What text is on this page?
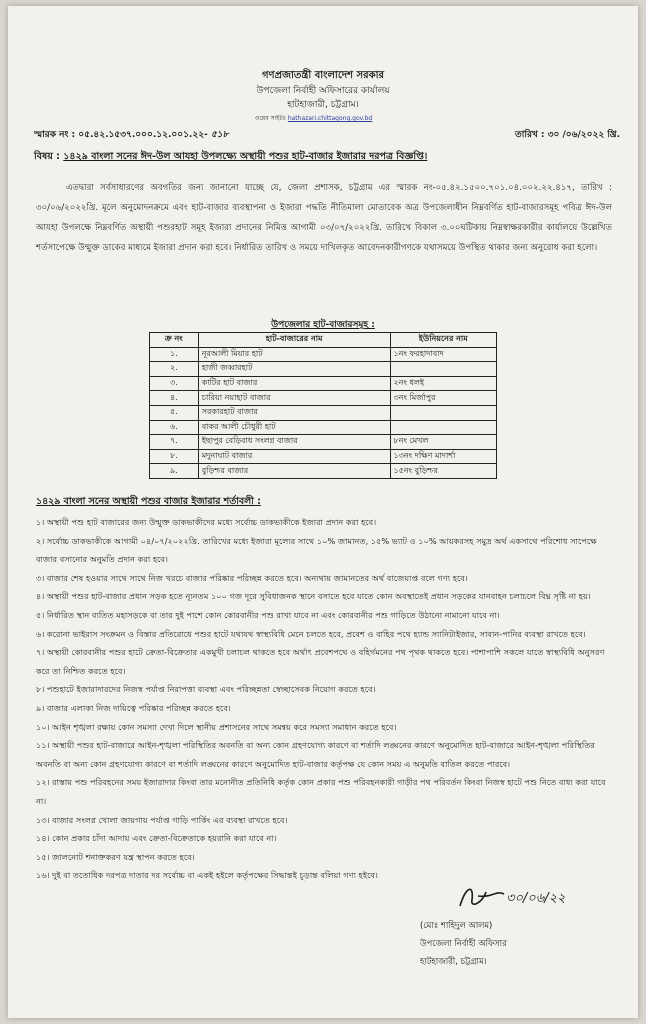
গণপ্রজাতন্ত্রী বাংলাদেশ সরকার
উপজেলা নির্বাহী অফিসারের কার্যালয়
হাটহাজারী, চট্টগ্রাম।
ওয়েব সাইটঃ hathazari.chittagong.gov.bd
স্মারক নং : ০৫.৪২.১৫৩৭.০০০.১২.০০১.২২- ৫১৮	তারিখ : ৩০ /০৬/২০২২ খ্রি.
বিষয় : ১৪২৯ বাংলা সনের ঈদ-উল আযহা উপলক্ষ্যে অস্থায়ী পশুর হাট-বাজার ইজারার দরপত্র বিজ্ঞপ্তি।
এতদ্বারা সর্বসাধারণের অবগতির জন্য জানানো যাচ্ছে যে, জেলা প্রশাসক, চট্টগ্রাম এর স্মারক নং-০৫.৪২.১৫০০.৭০১.০৪.০০২.২২.৪১৭, তারিখ : ৩০/০৬/২০২২খ্রি. মূলে অনুমোদনক্রমে এবং হাট-বাজার ব্যবস্থাপনা ও ইজারা পদ্ধতি নীতিমালা মোতাবেক অত্র উপজেলাধীন নিম্নবর্ণিত হাট-বাজারসমূহ পবিত্র ঈদ-উল আযহা উপলক্ষে নিম্নবর্ণিত অস্থায়ী পশুরহাট সমূহ ইজারা প্রদানের নিমিত্ত আগামী ০৩/০৭/২০২২খ্রি. তারিখে বিকাল ৩.০০ঘটিকায় নিম্নস্বাক্ষরকারীর কার্যালয়ে উল্লেখিত শর্তসাপেক্ষে উন্মুক্ত ডাকের মাধ্যমে ইজারা প্রদান করা হবে। নির্ধারিত তারিখ ও সময়ে দাখিলকৃত আবেদনকারীগণকে যথাসময়ে উপস্থিত থাকার জন্য অনুরোধ করা হলো।
উপজেলার হাট-বাজারসমূহ :
ক্র নং	হাট-বাজারের নাম	ইউনিয়নের নাম
১.	নূরআলী মিয়ার হাট	১নং ফরহাদাবাদ
২.	হাজী জব্বারহাট	
৩.	কাটির হাট বাজার	২নং ধলই
৪.	চারিয়া নয়াহাট বাজার	৩নং মির্জাপুর
৫.	সরকারহাট বাজার	
৬.	বাকর আলী চৌধুরী হাট	
৭.	ইছাপুর বেড়িবাধ সংলগ্ন বাজার	৮নং মেখল
৮.	মদুনাঘাট বাজার	১৩নং দক্ষিণ মাদার্শা
৯.	বুড়িশ্চর বাজার	১৫নং বুড়িশ্চর
১৪২৯ বাংলা সনের অস্থায়ী পশুর বাজার ইজারার শর্তাবলী :
১। অস্থায়ী পশু হাট বাজারের জন্য উন্মুক্ত ডাকভাকীদের মধ্যে সর্বোচ্চ ডাকভাকীকে ইজারা প্রদান করা হবে।
২। সর্বোচ্চ ডাকভাকীকে আগামী ০৪/০৭/২০২২খ্রি. তারিখের মধ্যে ইজারা মূল্যের সাথে ১০% জামানত, ১৫% ভ্যাট ও ১০% আয়করসহ সমুদ্র অর্থ একসাথে পরিশোধ সাপেক্ষে বাজার বসানোর অনুমতি প্রদান করা হবে।
৩। বাজার শেষ হওয়ার সাথে সাথে নিজ খরচে বাজার পরিষ্কার পরিচ্ছন্ন করতে হবে। অন্যথায় জামানতের অর্থ বাজেয়াপ্ত বলে গণ্য হবে।
৪। অস্থায়ী পশুর হাট-বাজার প্রধান সড়ক হতে ন্যূনতম ১০০ গজ দূরে সুবিধাজনক স্থানে বসাতে হবে যাতে কোন অবস্থাতেই প্রধান সড়কের যানবাহন চলাচলে বিঘ্ন সৃষ্টি না হয়।
৫। নির্ধারিত স্থান ব্যতিত মহাসড়কে বা তার দুই পাশে কোন কোরবানীর পশু রাখা যাবে না এবং কোরবানীর পশু গাড়িতে উঠানো নামানো যাবে না।
৬। করোনা ভাইরাস সংক্রমন ও বিস্তার প্রতিরোধে পশুর হাটে যথাযথ স্বাস্থ্যবিধি মেনে চলতে হবে, প্রবেশ ও বাহির পথে হ্যান্ড স্যানিটাইজার, সাবান-পানির ব্যবস্থা রাখতে হবে।
৭। অস্থায়ী কোরবানীর পশুর হাটে ক্রেতা-বিক্রেতার একমুখী চলাচল থাকতে হবে অর্থাৎ প্রবেশপথে ও বহির্গমনের পথ পৃথক থাকতে হবে। পাশাপাশি সকলে যাতে স্বাস্থ্যবিধি অনুসরণ করে তা নিশ্চিত করতে হবে।
৮। পশুহাটে ইজারাদারদের নিজস্ব পর্যাপ্ত নিরাপত্তা ব্যবস্থা এবং পরিচ্ছন্নতা স্বেচ্ছাসেবক নিয়োগ করতে হবে।
৯। বাজার এলাকা নিজ দায়িত্বে পরিষ্কার পরিচ্ছন্ন করতে হবে।
১০। আইন শৃঙ্খলা রক্ষায় কোন সমস্যা দেখা দিলে স্থানীয় প্রশাসনের সাথে সমন্বয় করে সমস্যা সমাধান করতে হবে।
১১। অস্থায়ী পশুর হাট-বাজারে আইন-শৃঙ্খলা পরিস্থিতির অবনতি বা অন্য কোন গ্রহণযোগ্য কারণে বা শর্তাদি লঙ্ঘনের কারণে অনুমোদিত হাট-বাজারে আইন-শৃঙ্খলা পরিস্থিতির অবনতি বা অন্য কোন গ্রহণযোগ্য কারণে বা শর্তাদি লঙ্ঘনের কারণে অনুমোদিত হাট-বাজার কর্তৃপক্ষ যে কোন সময় এ অনুমতি বাতিল করতে পারবে।
১২। রাস্তায় পশু পরিবহনের সময় ইজারাদার কিংবা তার মনোনীত প্রতিনিধি কর্তৃক কোন প্রকার পশু পরিবহনকারী গাড়ীর পথ পরিবর্তন কিংবা নিজস্ব হাটে পশু নিতে বাধ্য করা যাবে না।
১৩। বাজার সংলগ্ন খোলা জায়গায় পর্যাপ্ত গাড়ি পার্কিং এর ব্যবস্থা রাখতে হবে।
১৪। কোন প্রকার চাঁদা আদায় এবং ক্রেতা-বিক্রেতাকে হয়রানি করা যাবে না।
১৫। জালনোট শনাক্তকরণ যন্ত্র স্থাপন করতে হবে।
১৬। দুই বা ততোধিক দরপত্র দাতার দর সর্বোচ্চ বা একই হইলে কর্তৃপক্ষের সিদ্ধান্তই চূড়ান্ত বলিয়া গণ্য হইবে।
৩০/০৬/২২
(মোঃ শাহিদুল আলম)
উপজেলা নির্বাহী অফিসার
হাটহাজারী, চট্টগ্রাম।
